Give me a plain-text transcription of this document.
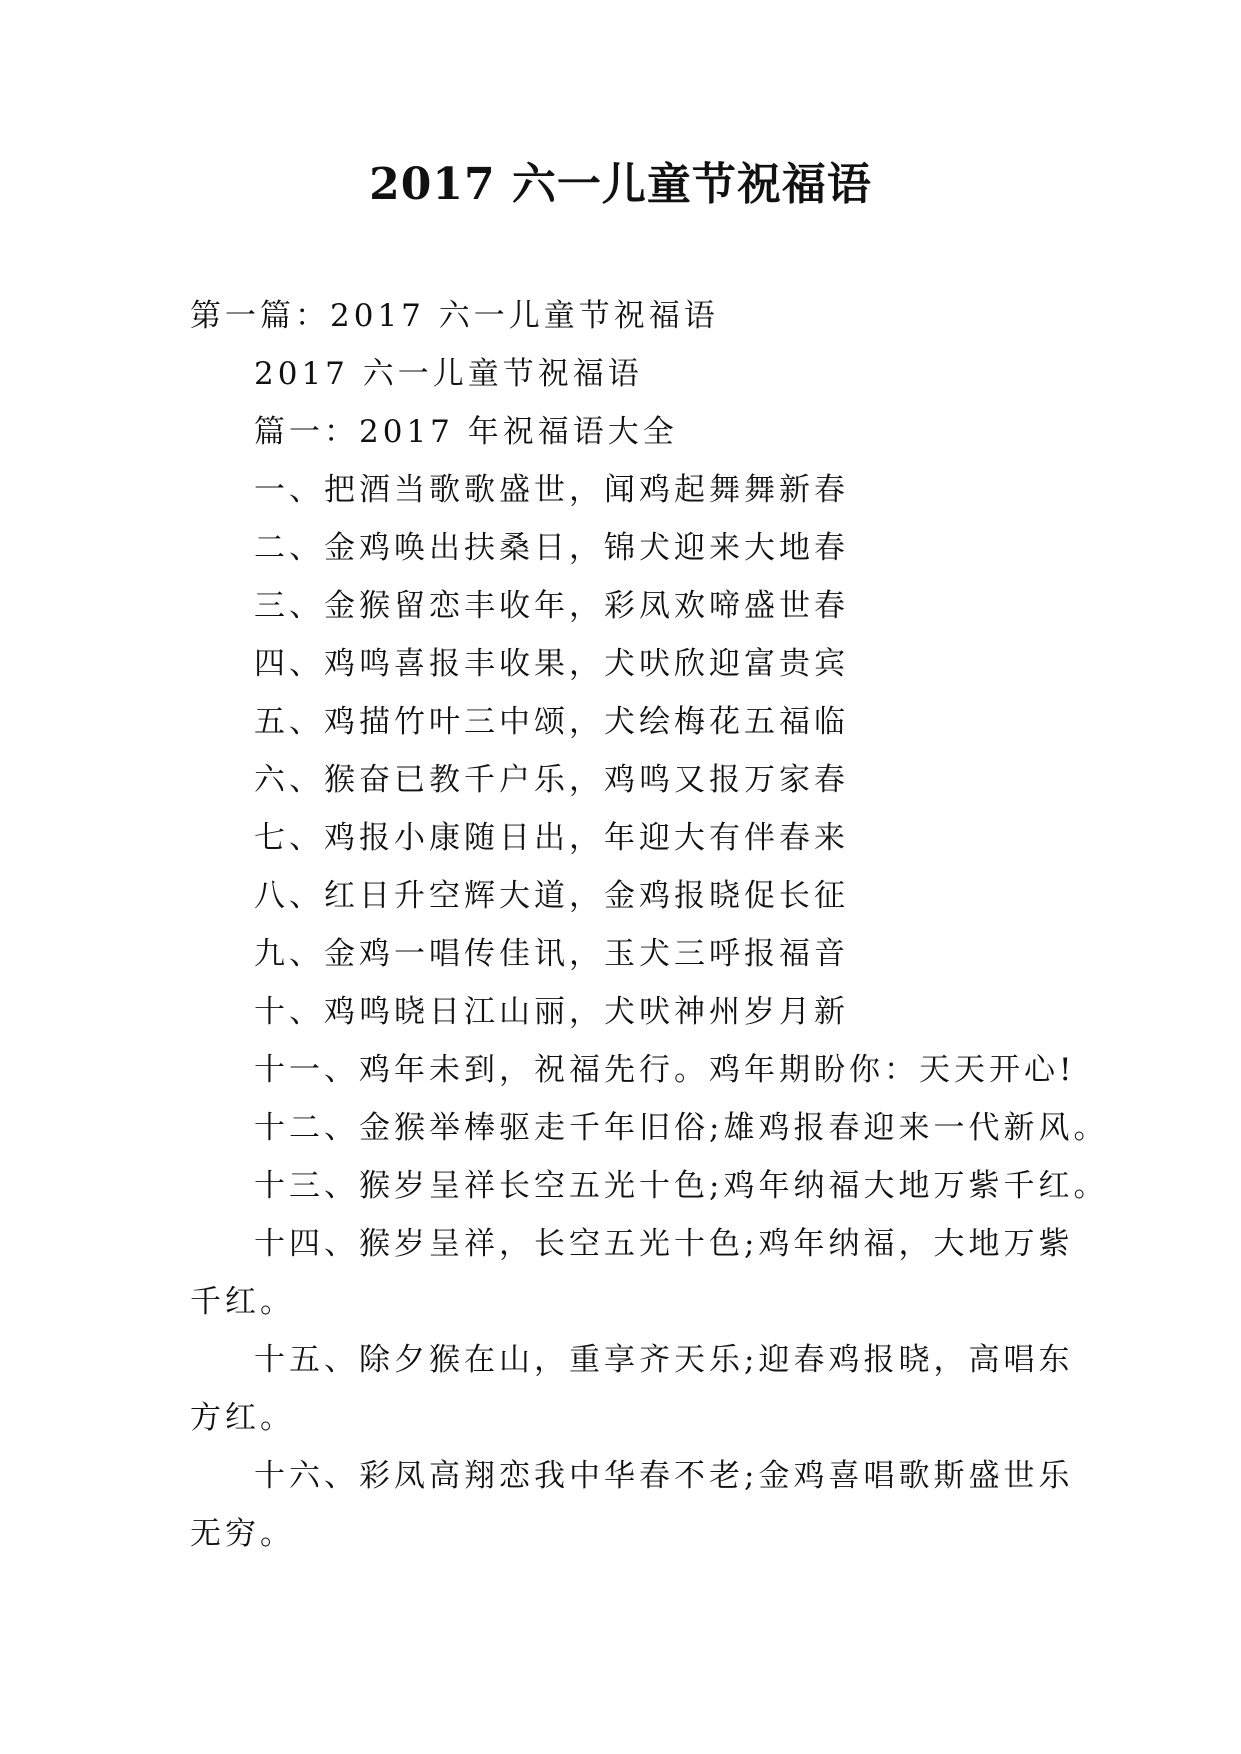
2017 六一儿童节祝福语

第一篇：2017 六一儿童节祝福语

2017 六一儿童节祝福语

篇一：2017 年祝福语大全

一、把酒当歌歌盛世，闻鸡起舞舞新春

二、金鸡唤出扶桑日，锦犬迎来大地春

三、金猴留恋丰收年，彩凤欢啼盛世春

四、鸡鸣喜报丰收果，犬吠欣迎富贵宾

五、鸡描竹叶三中颂，犬绘梅花五福临

六、猴奋已教千户乐，鸡鸣又报万家春

七、鸡报小康随日出，年迎大有伴春来

八、红日升空辉大道，金鸡报晓促长征

九、金鸡一唱传佳讯，玉犬三呼报福音

十、鸡鸣晓日江山丽，犬吠神州岁月新

十一、鸡年未到，祝福先行。鸡年期盼你：天天开心!

十二、金猴举棒驱走千年旧俗;雄鸡报春迎来一代新风。

十三、猴岁呈祥长空五光十色;鸡年纳福大地万紫千红。

十四、猴岁呈祥，长空五光十色;鸡年纳福，大地万紫
千红。
十五、除夕猴在山，重享齐天乐;迎春鸡报晓，高唱东
方红。
十六、彩凤高翔恋我中华春不老;金鸡喜唱歌斯盛世乐
无穷。
